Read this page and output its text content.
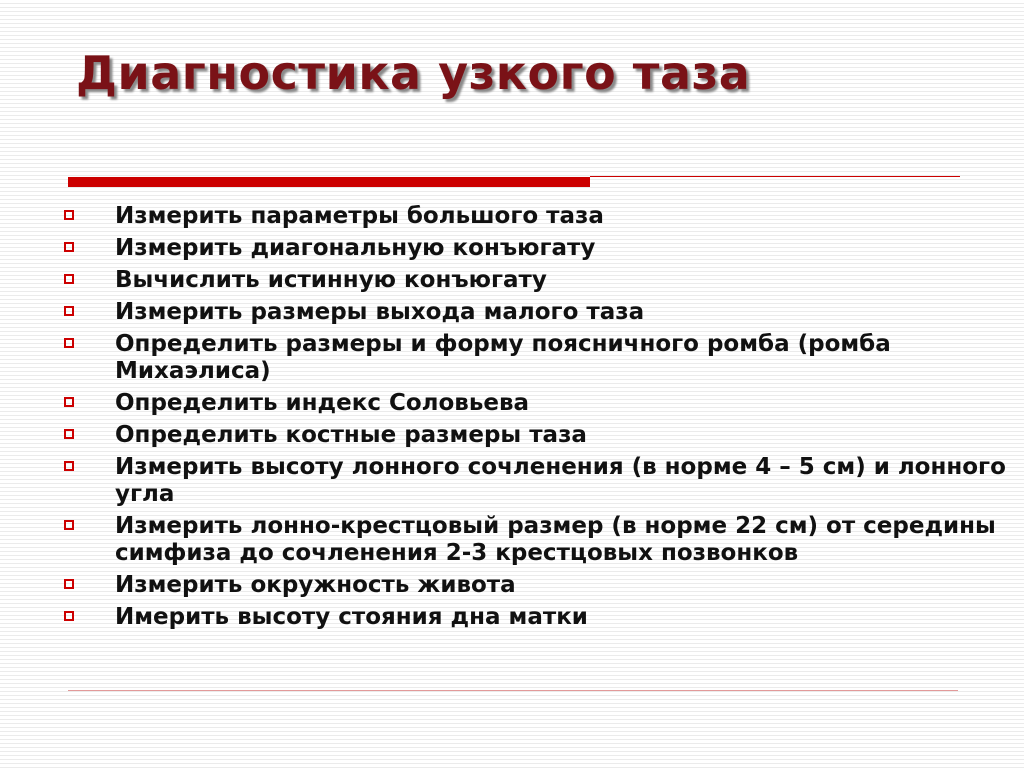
Диагностика узкого таза
Измерить параметры большого таза
Измерить диагональную конъюгату
Вычислить истинную конъюгату
Измерить размеры выхода малого таза
Определить размеры и форму поясничного ромба (ромба Михаэлиса)
Определить индекс Соловьева
Определить костные размеры таза
Измерить высоту лонного сочленения (в норме 4 – 5 см) и лонного угла
Измерить лонно-крестцовый размер (в норме 22 см) от середины симфиза до сочленения 2-3 крестцовых позвонков
Измерить окружность живота
Имерить высоту стояния дна матки
